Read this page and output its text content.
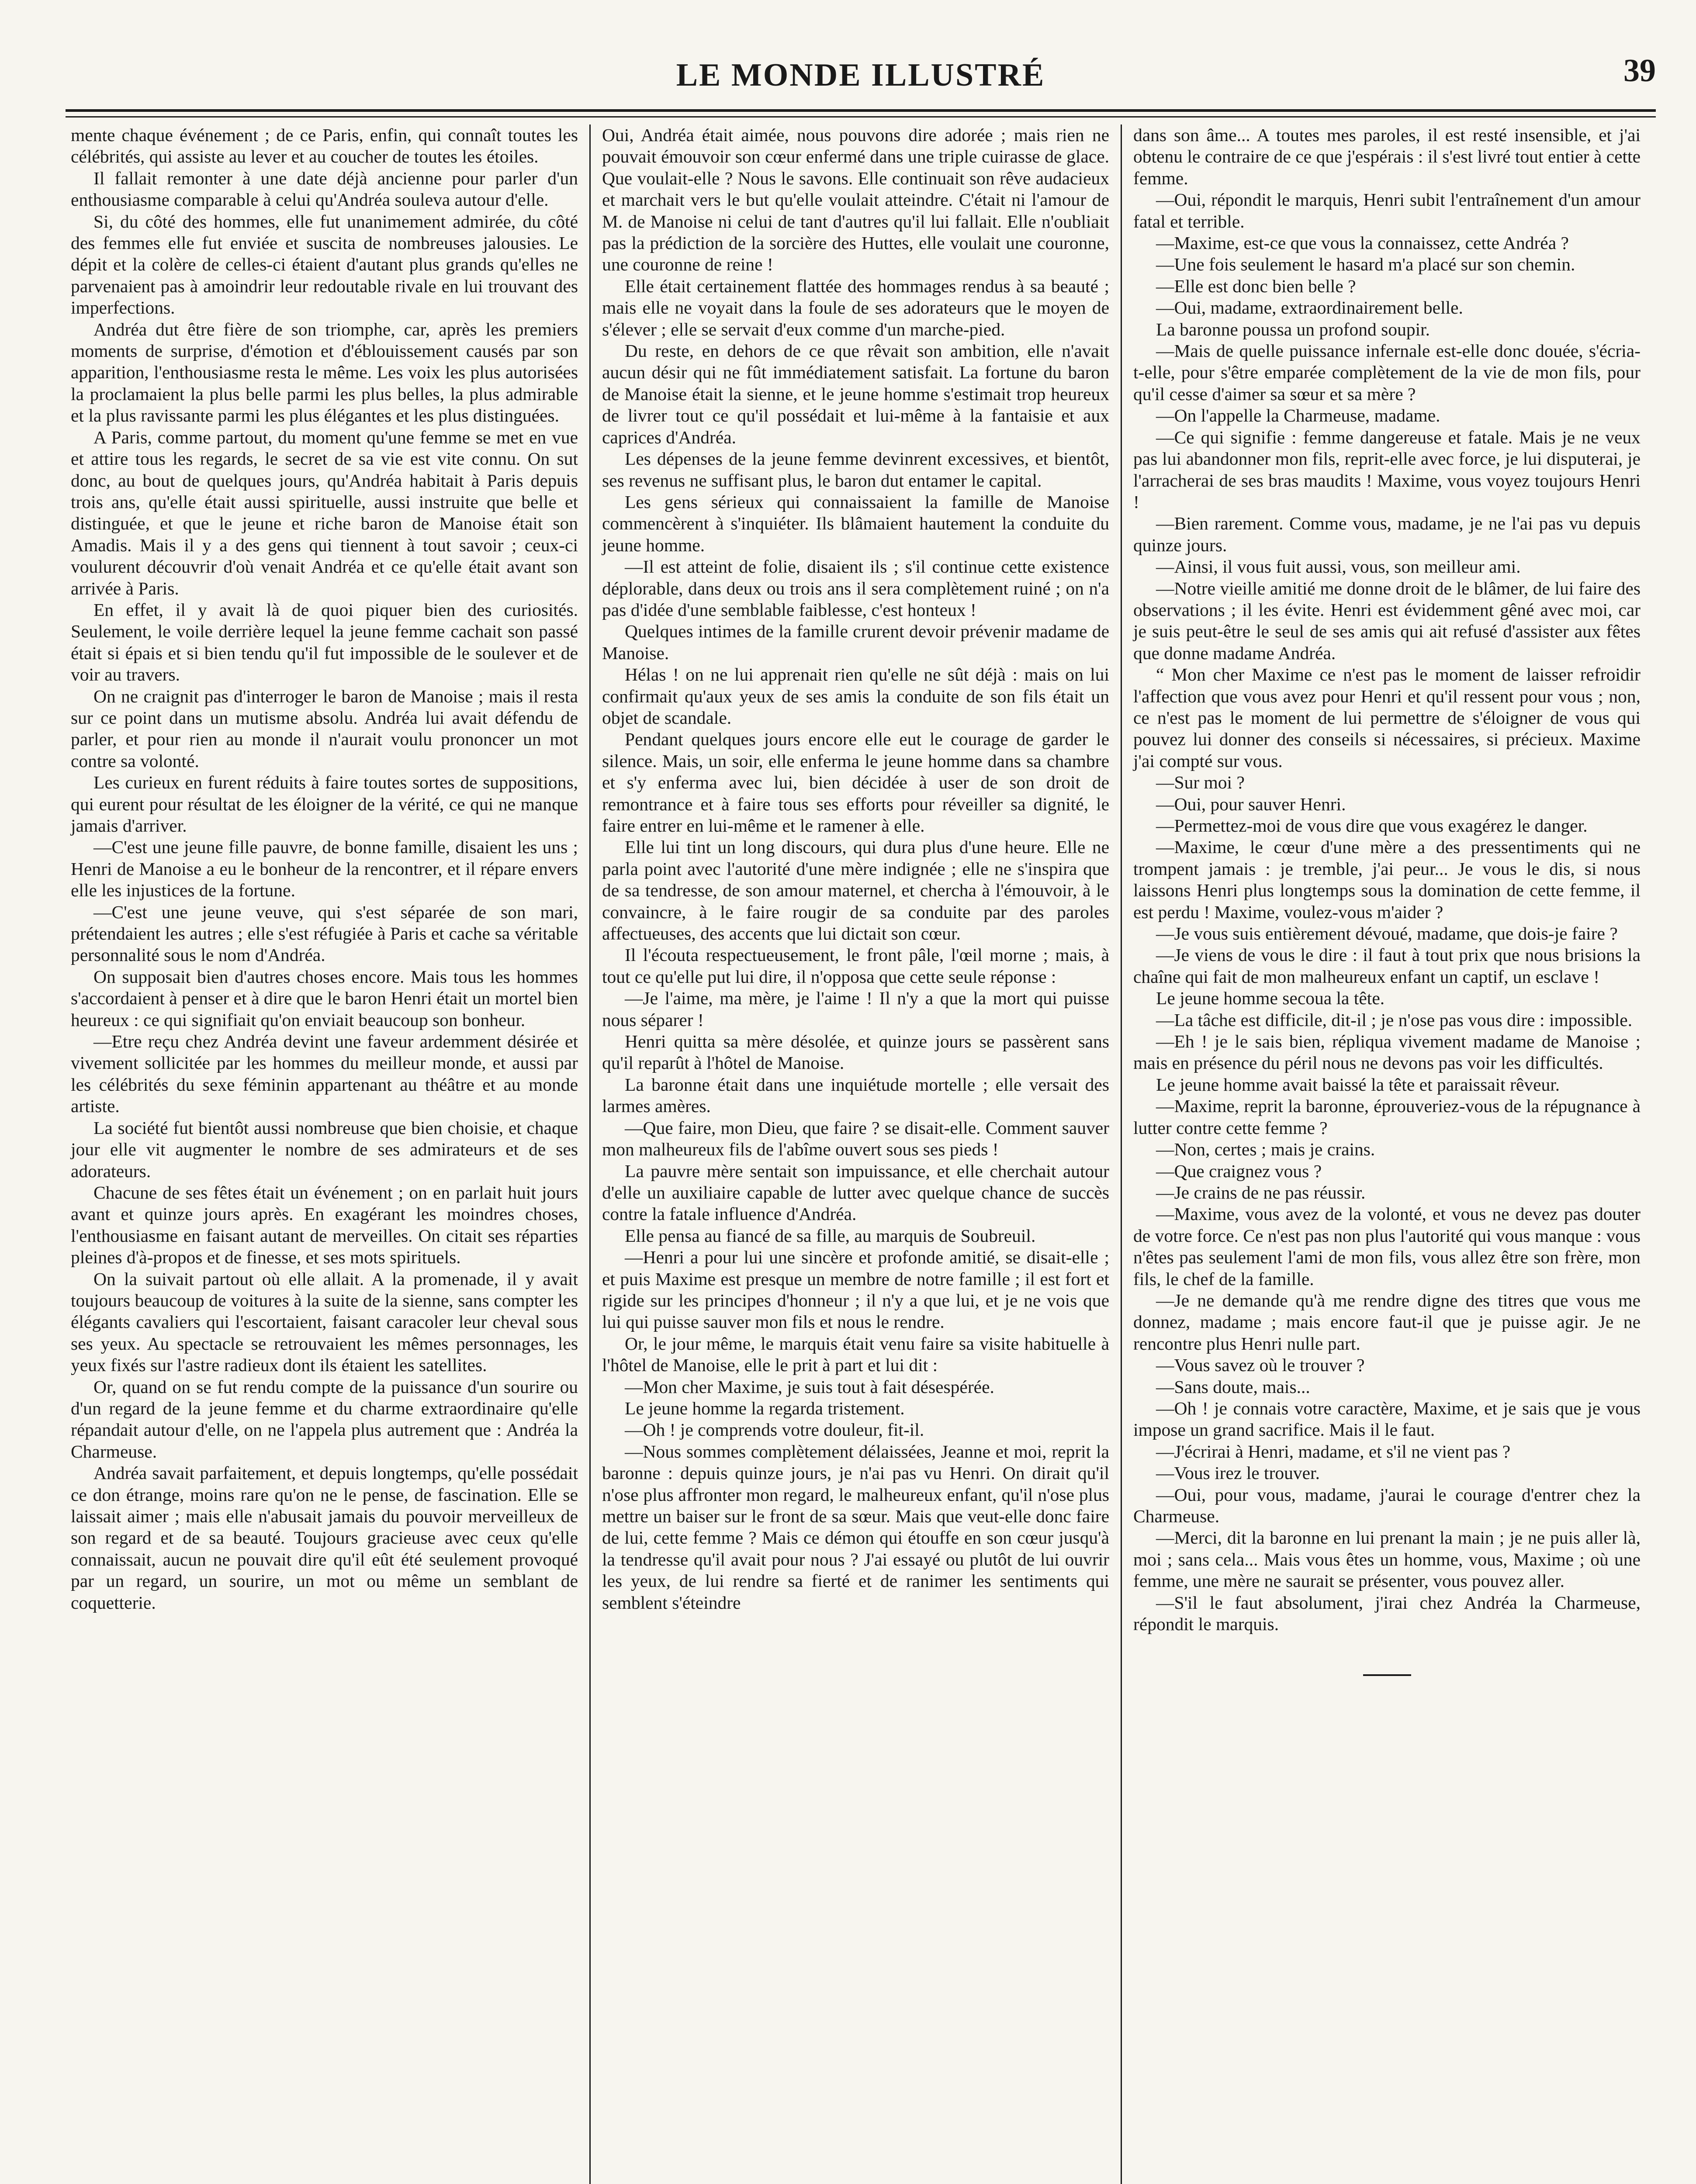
LE MONDE ILLUSTRÉ	39

mente chaque événement ; de ce Paris, enfin, qui connaît toutes les célébrités, qui assiste au lever et au coucher de toutes les étoiles.

Il fallait remonter à une date déjà ancienne pour parler d'un enthousiasme comparable à celui qu'Andréa souleva autour d'elle.

Si, du côté des hommes, elle fut unanimement admirée, du côté des femmes elle fut enviée et suscita de nombreuses jalousies. Le dépit et la colère de celles-ci étaient d'autant plus grands qu'elles ne parvenaient pas à amoindrir leur redoutable rivale en lui trouvant des imperfections.

Andréa dut être fière de son triomphe, car, après les premiers moments de surprise, d'émotion et d'éblouissement causés par son apparition, l'enthousiasme resta le même. Les voix les plus autorisées la proclamaient la plus belle parmi les plus belles, la plus admirable et la plus ravissante parmi les plus élégantes et les plus distinguées.

A Paris, comme partout, du moment qu'une femme se met en vue et attire tous les regards, le secret de sa vie est vite connu. On sut donc, au bout de quelques jours, qu'Andréa habitait à Paris depuis trois ans, qu'elle était aussi spirituelle, aussi instruite que belle et distinguée, et que le jeune et riche baron de Manoise était son Amadis. Mais il y a des gens qui tiennent à tout savoir ; ceux-ci voulurent découvrir d'où venait Andréa et ce qu'elle était avant son arrivée à Paris.

En effet, il y avait là de quoi piquer bien des curiosités. Seulement, le voile derrière lequel la jeune femme cachait son passé était si épais et si bien tendu qu'il fut impossible de le soulever et de voir au travers.

On ne craignit pas d'interroger le baron de Manoise ; mais il resta sur ce point dans un mutisme absolu. Andréa lui avait défendu de parler, et pour rien au monde il n'aurait voulu prononcer un mot contre sa volonté.

Les curieux en furent réduits à faire toutes sortes de suppositions, qui eurent pour résultat de les éloigner de la vérité, ce qui ne manque jamais d'arriver.

—C'est une jeune fille pauvre, de bonne famille, disaient les uns ; Henri de Manoise a eu le bonheur de la rencontrer, et il répare envers elle les injustices de la fortune.

—C'est une jeune veuve, qui s'est séparée de son mari, prétendaient les autres ; elle s'est réfugiée à Paris et cache sa véritable personnalité sous le nom d'Andréa.

On supposait bien d'autres choses encore. Mais tous les hommes s'accordaient à penser et à dire que le baron Henri était un mortel bien heureux : ce qui signifiait qu'on enviait beaucoup son bonheur.

—Etre reçu chez Andréa devint une faveur ardemment désirée et vivement sollicitée par les hommes du meilleur monde, et aussi par les célébrités du sexe féminin appartenant au théâtre et au monde artiste.

La société fut bientôt aussi nombreuse que bien choisie, et chaque jour elle vit augmenter le nombre de ses admirateurs et de ses adorateurs.

Chacune de ses fêtes était un événement ; on en parlait huit jours avant et quinze jours après. En exagérant les moindres choses, l'enthousiasme en faisant autant de merveilles. On citait ses réparties pleines d'à-propos et de finesse, et ses mots spirituels.

On la suivait partout où elle allait. A la promenade, il y avait toujours beaucoup de voitures à la suite de la sienne, sans compter les élégants cavaliers qui l'escortaient, faisant caracoler leur cheval sous ses yeux. Au spectacle se retrouvaient les mêmes personnages, les yeux fixés sur l'astre radieux dont ils étaient les satellites.

Or, quand on se fut rendu compte de la puissance d'un sourire ou d'un regard de la jeune femme et du charme extraordinaire qu'elle répandait autour d'elle, on ne l'appela plus autrement que : Andréa la Charmeuse.

Andréa savait parfaitement, et depuis longtemps, qu'elle possédait ce don étrange, moins rare qu'on ne le pense, de fascination. Elle se laissait aimer ; mais elle n'abusait jamais du pouvoir merveilleux de son regard et de sa beauté. Toujours gracieuse avec ceux qu'elle connaissait, aucun ne pouvait dire qu'il eût été seulement provoqué par un regard, un sourire, un mot ou même un semblant de coquetterie.

Oui, Andréa était aimée, nous pouvons dire adorée ; mais rien ne pouvait émouvoir son cœur enfermé dans une triple cuirasse de glace. Que voulait-elle ? Nous le savons. Elle continuait son rêve audacieux et marchait vers le but qu'elle voulait atteindre. C'était ni l'amour de M. de Manoise ni celui de tant d'autres qu'il lui fallait. Elle n'oubliait pas la prédiction de la sorcière des Huttes, elle voulait une couronne, une couronne de reine !

Elle était certainement flattée des hommages rendus à sa beauté ; mais elle ne voyait dans la foule de ses adorateurs que le moyen de s'élever ; elle se servait d'eux comme d'un marche-pied.

Du reste, en dehors de ce que rêvait son ambition, elle n'avait aucun désir qui ne fût immédiatement satisfait. La fortune du baron de Manoise était la sienne, et le jeune homme s'estimait trop heureux de livrer tout ce qu'il possédait et lui-même à la fantaisie et aux caprices d'Andréa.

Les dépenses de la jeune femme devinrent excessives, et bientôt, ses revenus ne suffisant plus, le baron dut entamer le capital.

Les gens sérieux qui connaissaient la famille de Manoise commencèrent à s'inquiéter. Ils blâmaient hautement la conduite du jeune homme.

—Il est atteint de folie, disaient ils ; s'il continue cette existence déplorable, dans deux ou trois ans il sera complètement ruiné ; on n'a pas d'idée d'une semblable faiblesse, c'est honteux !

Quelques intimes de la famille crurent devoir prévenir madame de Manoise.

Hélas ! on ne lui apprenait rien qu'elle ne sût déjà : mais on lui confirmait qu'aux yeux de ses amis la conduite de son fils était un objet de scandale.

Pendant quelques jours encore elle eut le courage de garder le silence. Mais, un soir, elle enferma le jeune homme dans sa chambre et s'y enferma avec lui, bien décidée à user de son droit de remontrance et à faire tous ses efforts pour réveiller sa dignité, le faire entrer en lui-même et le ramener à elle.

Elle lui tint un long discours, qui dura plus d'une heure. Elle ne parla point avec l'autorité d'une mère indignée ; elle ne s'inspira que de sa tendresse, de son amour maternel, et chercha à l'émouvoir, à le convaincre, à le faire rougir de sa conduite par des paroles affectueuses, des accents que lui dictait son cœur.

Il l'écouta respectueusement, le front pâle, l'œil morne ; mais, à tout ce qu'elle put lui dire, il n'opposa que cette seule réponse :

—Je l'aime, ma mère, je l'aime ! Il n'y a que la mort qui puisse nous séparer !

Henri quitta sa mère désolée, et quinze jours se passèrent sans qu'il reparût à l'hôtel de Manoise.

La baronne était dans une inquiétude mortelle ; elle versait des larmes amères.

—Que faire, mon Dieu, que faire ? se disait-elle. Comment sauver mon malheureux fils de l'abîme ouvert sous ses pieds !

La pauvre mère sentait son impuissance, et elle cherchait autour d'elle un auxiliaire capable de lutter avec quelque chance de succès contre la fatale influence d'Andréa.

Elle pensa au fiancé de sa fille, au marquis de Soubreuil.

—Henri a pour lui une sincère et profonde amitié, se disait-elle ; et puis Maxime est presque un membre de notre famille ; il est fort et rigide sur les principes d'honneur ; il n'y a que lui, et je ne vois que lui qui puisse sauver mon fils et nous le rendre.

Or, le jour même, le marquis était venu faire sa visite habituelle à l'hôtel de Manoise, elle le prit à part et lui dit :

—Mon cher Maxime, je suis tout à fait désespérée.

Le jeune homme la regarda tristement.

—Oh ! je comprends votre douleur, fit-il.

—Nous sommes complètement délaissées, Jeanne et moi, reprit la baronne : depuis quinze jours, je n'ai pas vu Henri. On dirait qu'il n'ose plus affronter mon regard, le malheureux enfant, qu'il n'ose plus mettre un baiser sur le front de sa sœur. Mais que veut-elle donc faire de lui, cette femme ? Mais ce démon qui étouffe en son cœur jusqu'à la tendresse qu'il avait pour nous ? J'ai essayé ou plutôt de lui ouvrir les yeux, de lui rendre sa fierté et de ranimer les sentiments qui semblent s'éteindre

dans son âme... A toutes mes paroles, il est resté insensible, et j'ai obtenu le contraire de ce que j'espérais : il s'est livré tout entier à cette femme.

—Oui, répondit le marquis, Henri subit l'entraînement d'un amour fatal et terrible.

—Maxime, est-ce que vous la connaissez, cette Andréa ?

—Une fois seulement le hasard m'a placé sur son chemin.

—Elle est donc bien belle ?

—Oui, madame, extraordinairement belle.

La baronne poussa un profond soupir.

—Mais de quelle puissance infernale est-elle donc douée, s'écria-t-elle, pour s'être emparée complètement de la vie de mon fils, pour qu'il cesse d'aimer sa sœur et sa mère ?

—On l'appelle la Charmeuse, madame.

—Ce qui signifie : femme dangereuse et fatale. Mais je ne veux pas lui abandonner mon fils, reprit-elle avec force, je lui disputerai, je l'arracherai de ses bras maudits ! Maxime, vous voyez toujours Henri !

—Bien rarement. Comme vous, madame, je ne l'ai pas vu depuis quinze jours.

—Ainsi, il vous fuit aussi, vous, son meilleur ami.

—Notre vieille amitié me donne droit de le blâmer, de lui faire des observations ; il les évite. Henri est évidemment gêné avec moi, car je suis peut-être le seul de ses amis qui ait refusé d'assister aux fêtes que donne madame Andréa.

“ Mon cher Maxime ce n'est pas le moment de laisser refroidir l'affection que vous avez pour Henri et qu'il ressent pour vous ; non, ce n'est pas le moment de lui permettre de s'éloigner de vous qui pouvez lui donner des conseils si nécessaires, si précieux. Maxime j'ai compté sur vous.

—Sur moi ?

—Oui, pour sauver Henri.

—Permettez-moi de vous dire que vous exagérez le danger.

—Maxime, le cœur d'une mère a des pressentiments qui ne trompent jamais : je tremble, j'ai peur... Je vous le dis, si nous laissons Henri plus longtemps sous la domination de cette femme, il est perdu ! Maxime, voulez-vous m'aider ?

—Je vous suis entièrement dévoué, madame, que dois-je faire ?

—Je viens de vous le dire : il faut à tout prix que nous brisions la chaîne qui fait de mon malheureux enfant un captif, un esclave !

Le jeune homme secoua la tête.

—La tâche est difficile, dit-il ; je n'ose pas vous dire : impossible.

—Eh ! je le sais bien, répliqua vivement madame de Manoise ; mais en présence du péril nous ne devons pas voir les difficultés.

Le jeune homme avait baissé la tête et paraissait rêveur.

—Maxime, reprit la baronne, éprouveriez-vous de la répugnance à lutter contre cette femme ?

—Non, certes ; mais je crains.

—Que craignez vous ?

—Je crains de ne pas réussir.

—Maxime, vous avez de la volonté, et vous ne devez pas douter de votre force. Ce n'est pas non plus l'autorité qui vous manque : vous n'êtes pas seulement l'ami de mon fils, vous allez être son frère, mon fils, le chef de la famille.

—Je ne demande qu'à me rendre digne des titres que vous me donnez, madame ; mais encore faut-il que je puisse agir. Je ne rencontre plus Henri nulle part.

—Vous savez où le trouver ?

—Sans doute, mais...

—Oh ! je connais votre caractère, Maxime, et je sais que je vous impose un grand sacrifice. Mais il le faut.

—J'écrirai à Henri, madame, et s'il ne vient pas ?

—Vous irez le trouver.

—Oui, pour vous, madame, j'aurai le courage d'entrer chez la Charmeuse.

—Merci, dit la baronne en lui prenant la main ; je ne puis aller là, moi ; sans cela... Mais vous êtes un homme, vous, Maxime ; où une femme, une mère ne saurait se présenter, vous pouvez aller.

—S'il le faut absolument, j'irai chez Andréa la Charmeuse, répondit le marquis.
